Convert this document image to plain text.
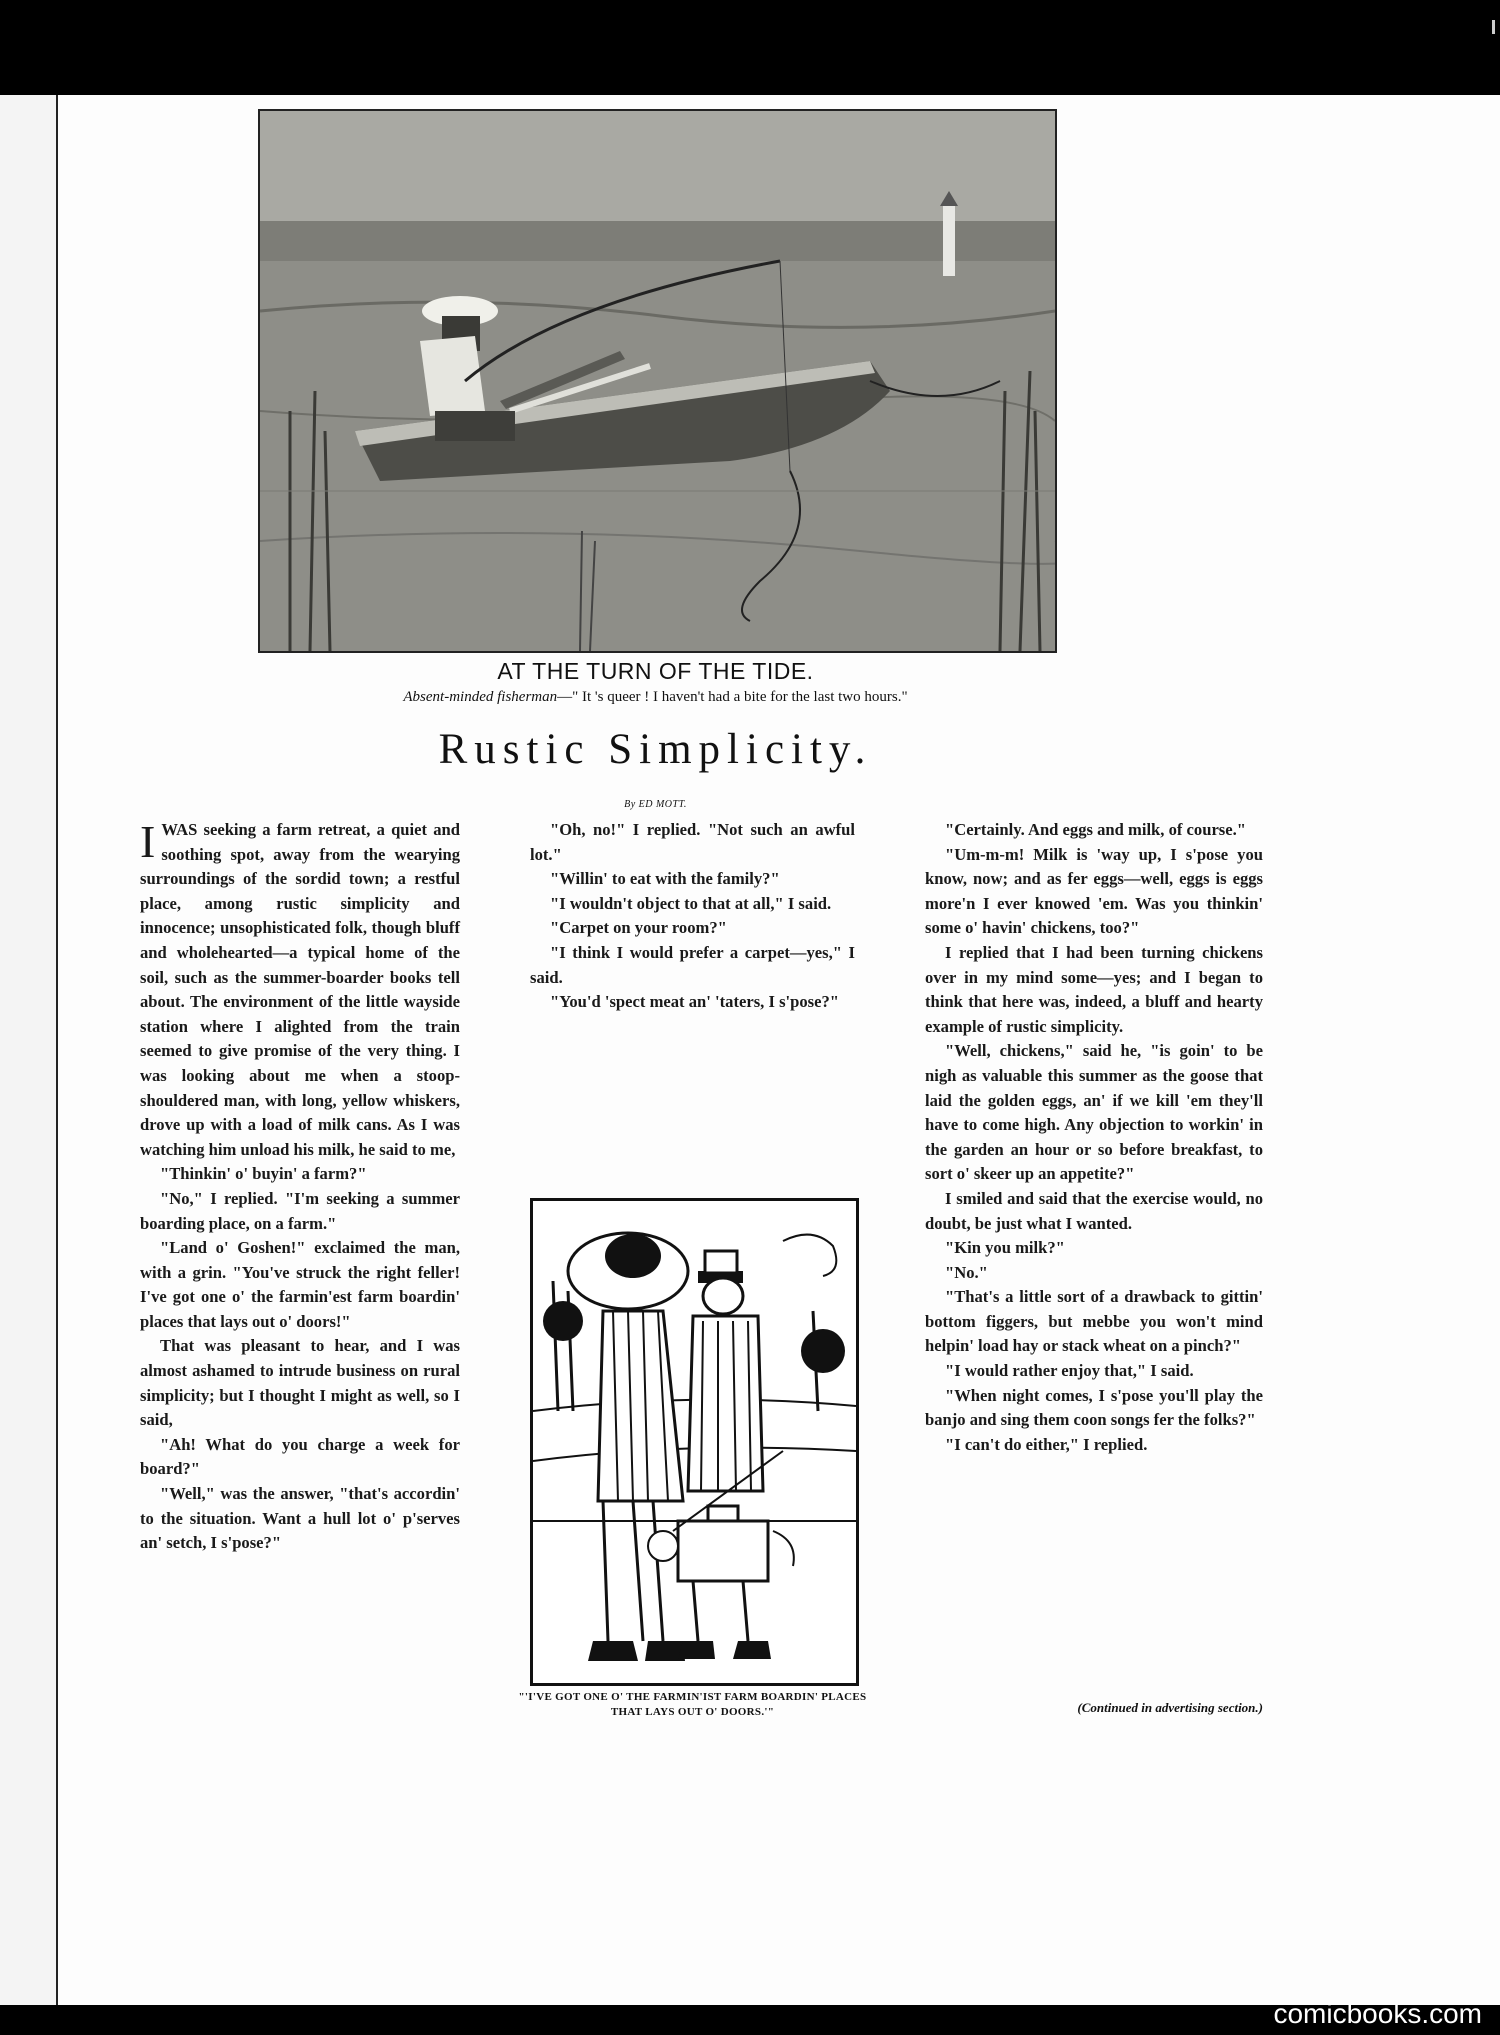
AT THE TURN OF THE TIDE.
Absent-minded fisherman—" It 's queer ! I haven't had a bite for the last two hours."
Rustic Simplicity.
By ED MOTT.

IWAS seeking a farm retreat, a quiet and soothing spot, away from the wearying surroundings of the sordid town; a restful place, among rustic simplicity and innocence; unsophisticated folk, though bluff and wholehearted—a typical home of the soil, such as the summer-boarder books tell about. The environment of the little wayside station where I alighted from the train seemed to give promise of the very thing. I was looking about me when a stoop-shouldered man, with long, yellow whiskers, drove up with a load of milk cans. As I was watching him unload his milk, he said to me,

"Thinkin' o' buyin' a farm?"

"No," I replied. "I'm seeking a summer boarding place, on a farm."

"Land o' Goshen!" exclaimed the man, with a grin. "You've struck the right feller! I've got one o' the farmin'est farm boardin' places that lays out o' doors!"

That was pleasant to hear, and I was almost ashamed to intrude business on rural simplicity; but I thought I might as well, so I said,

"Ah! What do you charge a week for board?"

"Well," was the answer, "that's accordin' to the situation. Want a hull lot o' p'serves an' setch, I s'pose?"

"Oh, no!" I replied. "Not such an awful lot."

"Willin' to eat with the family?"

"I wouldn't object to that at all," I said.

"Carpet on your room?"

"I think I would prefer a carpet—yes," I said.

"You'd 'spect meat an' 'taters, I s'pose?"

"'I'VE GOT ONE O' THE FARMIN'IST FARM BOARDIN' PLACES THAT LAYS OUT O' DOORS.'"

"Certainly. And eggs and milk, of course."

"Um-m-m! Milk is 'way up, I s'pose you know, now; and as fer eggs—well, eggs is eggs more'n I ever knowed 'em. Was you thinkin' some o' havin' chickens, too?"

I replied that I had been turning chickens over in my mind some—yes; and I began to think that here was, indeed, a bluff and hearty example of rustic simplicity.

"Well, chickens," said he, "is goin' to be nigh as valuable this summer as the goose that laid the golden eggs, an' if we kill 'em they'll have to come high. Any objection to workin' in the garden an hour or so before breakfast, to sort o' skeer up an appetite?"

I smiled and said that the exercise would, no doubt, be just what I wanted.

"Kin you milk?"

"No."

"That's a little sort of a drawback to gittin' bottom figgers, but mebbe you won't mind helpin' load hay or stack wheat on a pinch?"

"I would rather enjoy that," I said.

"When night comes, I s'pose you'll play the banjo and sing them coon songs fer the folks?"

"I can't do either," I replied.

(Continued in advertising section.)
comicbooks.com
